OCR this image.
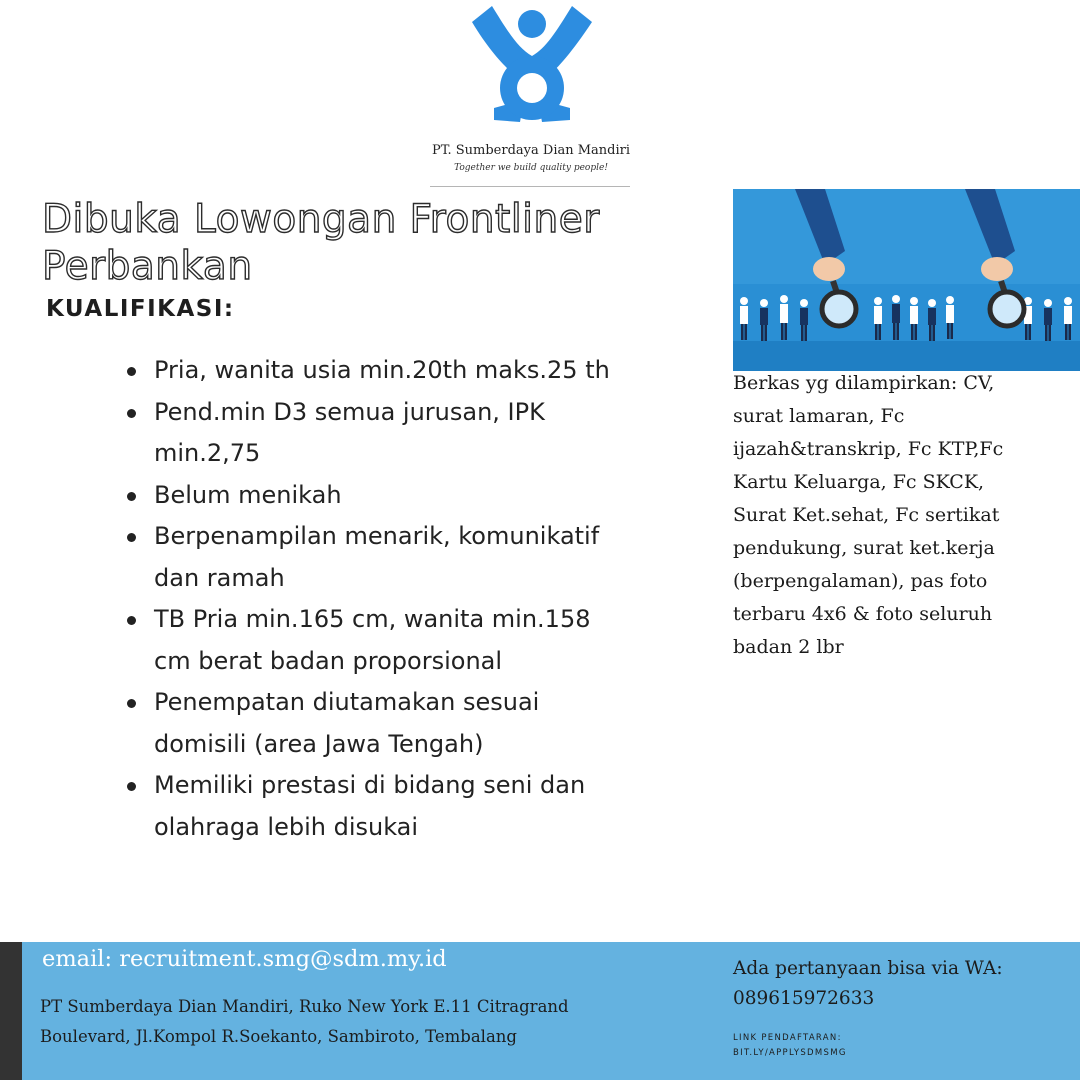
PT. Sumberdaya Dian Mandiri
Together we build quality people!
Dibuka Lowongan Frontliner Perbankan
KUALIFIKASI:
Pria, wanita usia min.20th maks.25 th
Pend.min D3 semua jurusan, IPK min.2,75
Belum menikah
Berpenampilan menarik, komunikatif dan ramah
TB Pria min.165 cm, wanita min.158 cm berat badan proporsional
Penempatan diutamakan sesuai domisili (area Jawa Tengah)
Memiliki prestasi di bidang seni dan olahraga lebih disukai

Berkas yg dilampirkan: CV, surat lamaran, Fc ijazah&transkrip, Fc KTP,Fc Kartu Keluarga, Fc SKCK, Surat Ket.sehat, Fc sertikat pendukung, surat ket.kerja (berpengalaman), pas foto terbaru 4x6 & foto seluruh badan 2 lbr

email: recruitment.smg@sdm.my.id

PT Sumberdaya Dian Mandiri, Ruko New York E.11 Citragrand Boulevard, Jl.Kompol R.Soekanto, Sambiroto, Tembalang

Ada pertanyaan bisa via WA: 089615972633

LINK PENDAFTARAN:
BIT.LY/APPLYSDMSMG
